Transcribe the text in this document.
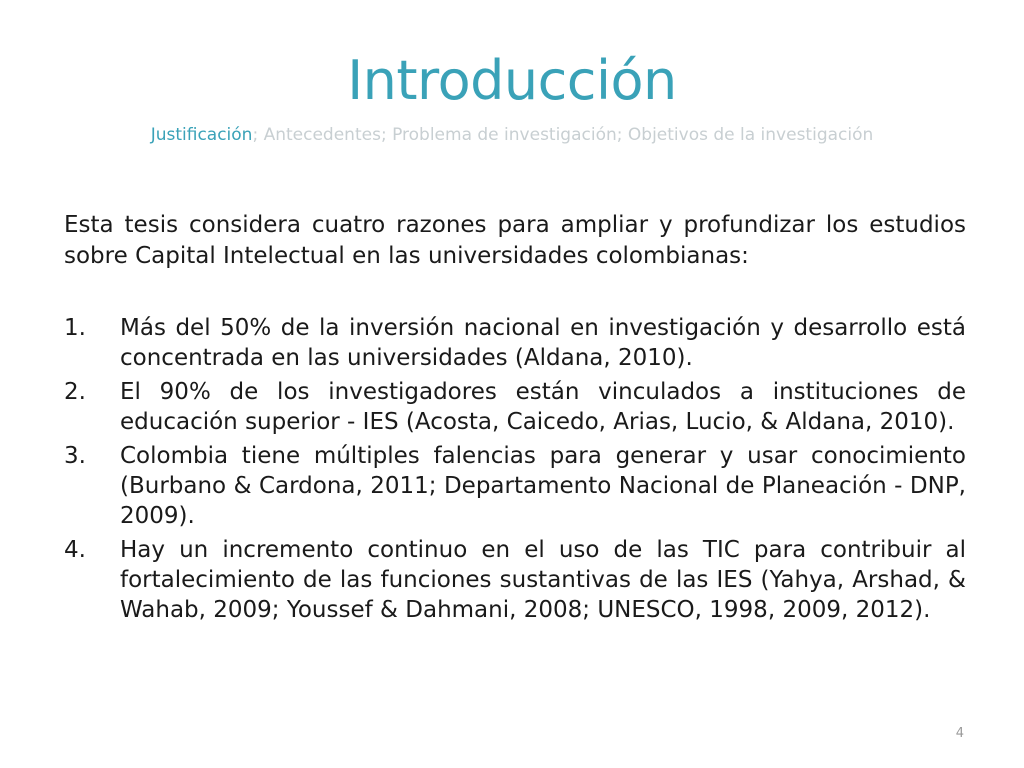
Introducción
Justificación; Antecedentes; Problema de investigación; Objetivos de la investigación
Esta tesis considera cuatro razones para ampliar y profundizar los estudios sobre Capital Intelectual en las universidades colombianas:
1. Más del 50% de la inversión nacional en investigación y desarrollo está concentrada en las universidades (Aldana, 2010).
2. El 90% de los investigadores están vinculados a instituciones de educación superior - IES (Acosta, Caicedo, Arias, Lucio, & Aldana, 2010).
3. Colombia tiene múltiples falencias para generar y usar conocimiento (Burbano & Cardona, 2011; Departamento Nacional de Planeación - DNP, 2009).
4. Hay un incremento continuo en el uso de las TIC para contribuir al fortalecimiento de las funciones sustantivas de las IES (Yahya, Arshad, & Wahab, 2009; Youssef & Dahmani, 2008; UNESCO, 1998, 2009, 2012).
4
